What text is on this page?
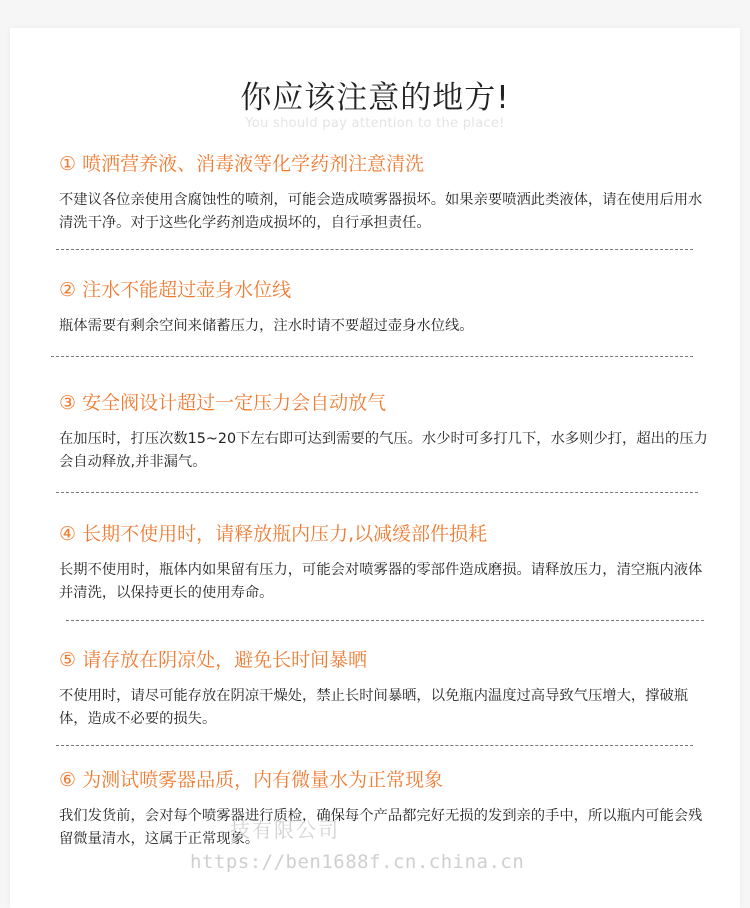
你应该注意的地方!
You should pay attention to the place!
① 喷洒营养液、消毒液等化学药剂注意清洗
不建议各位亲使用含腐蚀性的喷剂，可能会造成喷雾器损坏。如果亲要喷洒此类液体，请在使用后用水清洗干净。对于这些化学药剂造成损坏的，自行承担责任。
② 注水不能超过壶身水位线
瓶体需要有剩余空间来储蓄压力，注水时请不要超过壶身水位线。
③ 安全阀设计超过一定压力会自动放气
在加压时，打压次数15~20下左右即可达到需要的气压。水少时可多打几下，水多则少打，超出的压力会自动释放,并非漏气。
④ 长期不使用时，请释放瓶内压力,以减缓部件损耗
长期不使用时，瓶体内如果留有压力，可能会对喷雾器的零部件造成磨损。请释放压力，清空瓶内液体并清洗，以保持更长的使用寿命。
⑤ 请存放在阴凉处，避免长时间暴晒
不使用时，请尽可能存放在阴凉干燥处，禁止长时间暴晒，以免瓶内温度过高导致气压增大，撑破瓶体，造成不必要的损失。
⑥ 为测试喷雾器品质，内有微量水为正常现象
我们发货前，会对每个喷雾器进行质检，确保每个产品都完好无损的发到亲的手中，所以瓶内可能会残留微量清水，这属于正常现象。
技有限公司
https://ben1688f.cn.china.cn
